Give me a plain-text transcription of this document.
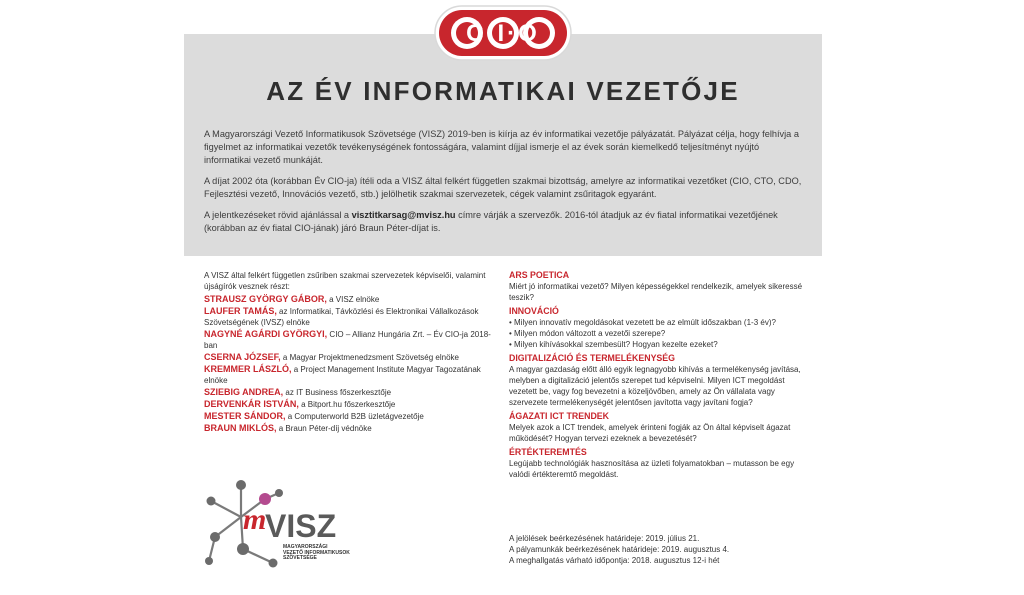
C·I·O
AZ ÉV INFORMATIKAI VEZETŐJE

A Magyarországi Vezető Informatikusok Szövetsége (VISZ) 2019-ben is kiírja az év informatikai vezetője pályázatát. Pályázat célja, hogy felhívja a figyelmet az informatikai vezetők tevékenységének fontosságára, valamint díjjal ismerje el az évek során kiemelkedő teljesítményt nyújtó informatikai vezető munkáját.

A díjat 2002 óta (korábban Év CIO-ja) ítéli oda a VISZ által felkért független szakmai bizottság, amelyre az informatikai vezetőket (CIO, CTO, CDO, Fejlesztési vezető, Innovációs vezető, stb.) jelölhetik szakmai szervezetek, cégek valamint zsűritagok egyaránt.

A jelentkezéseket rövid ajánlással a visztitkarsag@mvisz.hu címre várják a szervezők. 2016-tól átadjuk az év fiatal informatikai vezetőjének (korábban az év fiatal CIO-jának) járó Braun Péter-díjat is.

A VISZ által felkért független zsűriben szakmai szervezetek képviselői, valamint újságírók vesznek részt:
STRAUSZ GYÖRGY GÁBOR, a VISZ elnöke
LAUFER TAMÁS, az Informatikai, Távközlési és Elektronikai Vállalkozások Szövetségének (IVSZ) elnöke
NAGYNÉ AGÁRDI GYÖRGYI, CIO – Allianz Hungária Zrt. – Év CIO-ja 2018-ban
CSERNA JÓZSEF, a Magyar Projektmenedzsment Szövetség elnöke
KREMMER LÁSZLÓ, a Project Management Institute Magyar Tagozatának elnöke
SZIEBIG ANDREA, az IT Business főszerkesztője
DERVENKÁR ISTVÁN, a Bitport.hu főszerkesztője
MESTER SÁNDOR, a Computerworld B2B üzletágvezetője
BRAUN MIKLÓS, a Braun Péter-díj védnöke
ARS POETICA

Miért jó informatikai vezető? Milyen képességekkel rendelkezik, amelyek sikeressé teszik?

INNOVÁCIÓ
• Milyen innovatív megoldásokat vezetett be az elmúlt időszakban (1-3 év)?
• Milyen módon változott a vezetői szerepe?
• Milyen kihívásokkal szembesült? Hogyan kezelte ezeket?
DIGITALIZÁCIÓ ÉS TERMELÉKENYSÉG

A magyar gazdaság előtt álló egyik legnagyobb kihívás a termelékenység javítása, melyben a digitalizáció jelentős szerepet tud képviselni. Milyen ICT megoldást vezetett be, vagy fog bevezetni a közeljövőben, amely az Ön vállalata vagy szervezete termelékenységét jelentősen javította vagy javítani fogja?

ÁGAZATI ICT TRENDEK

Melyek azok a ICT trendek, amelyek érinteni fogják az Ön által képviselt ágazat működését? Hogyan tervezi ezeknek a bevezetését?

ÉRTÉKTEREMTÉS

Legújabb technológiák hasznosítása az üzleti folyamatokban – mutasson be egy valódi értékteremtő megoldást.

A jelölések beérkezésének határideje: 2019. július 21.
A pályamunkák beérkezésének határideje: 2019. augusztus 4.
A meghallgatás várható időpontja: 2018. augusztus 12-i hét
m
VISZ
MAGYARORSZÁGI
VEZETŐ INFORMATIKUSOK
SZÖVETSÉGE
